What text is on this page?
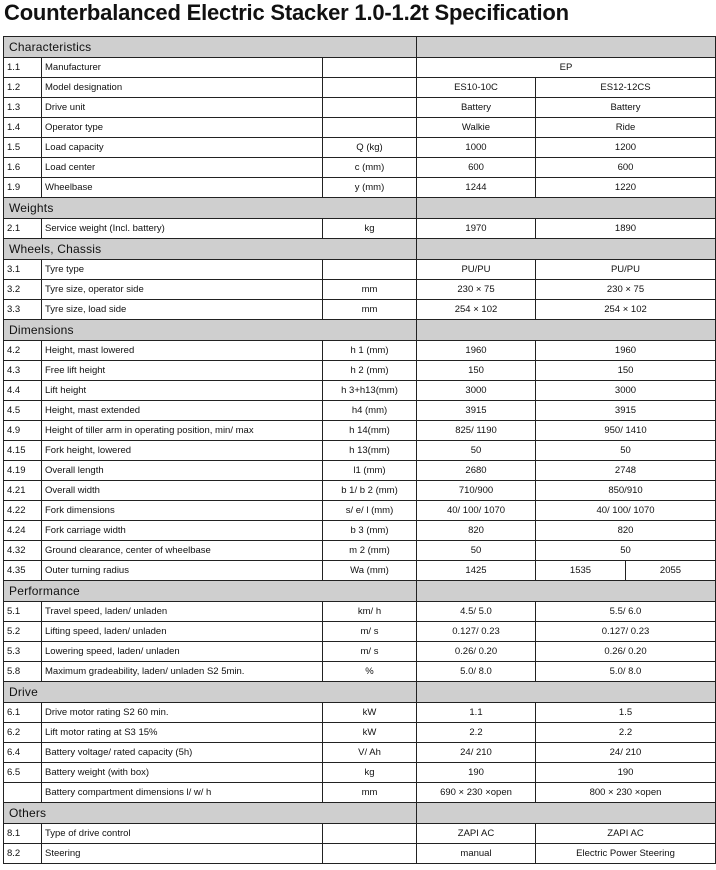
Counterbalanced Electric Stacker 1.0-1.2t Specification
Characteristics					
1.1	Manufacturer		EP		
1.2	Model designation		ES10-10C	ES12-12CS	
1.3	Drive unit		Battery	Battery	
1.4	Operator type		Walkie	Ride	
1.5	Load capacity	Q (kg)	1000	1200	
1.6	Load center	c (mm)	600	600	
1.9	Wheelbase	y (mm)	1244	1220	
Weights					
2.1	Service weight (Incl. battery)	kg	1970	1890	
Wheels, Chassis					
3.1	Tyre type		PU/PU	PU/PU	
3.2	Tyre size, operator side	mm	230 × 75	230 × 75	
3.3	Tyre size, load side	mm	254 × 102	254 × 102	
Dimensions					
4.2	Height, mast lowered	h 1 (mm)	1960	1960	
4.3	Free lift height	h 2 (mm)	150	150	
4.4	Lift height	h 3+h13(mm)	3000	3000	
4.5	Height, mast extended	h4 (mm)	3915	3915	
4.9	Height of tiller arm in operating position, min/ max	h 14(mm)	825/ 1190	950/ 1410	
4.15	Fork height, lowered	h 13(mm)	50	50	
4.19	Overall length	l1 (mm)	2680	2748	
4.21	Overall width	b 1/ b 2 (mm)	710/900	850/910	
4.22	Fork dimensions	s/ e/ l (mm)	40/ 100/ 1070	40/ 100/ 1070	
4.24	Fork carriage width	b 3 (mm)	820	820	
4.32	Ground clearance, center of wheelbase	m 2 (mm)	50	50	
4.35	Outer turning radius	Wa (mm)	1425	1535	2055
Performance					
5.1	Travel speed, laden/ unladen	km/ h	4.5/ 5.0	5.5/ 6.0	
5.2	Lifting speed, laden/ unladen	m/ s	0.127/ 0.23	0.127/ 0.23	
5.3	Lowering speed, laden/ unladen	m/ s	0.26/ 0.20	0.26/ 0.20	
5.8	Maximum gradeability, laden/ unladen S2 5min.	%	5.0/ 8.0	5.0/ 8.0	
Drive					
6.1	Drive motor rating S2 60 min.	kW	1.1	1.5	
6.2	Lift motor rating at S3 15%	kW	2.2	2.2	
6.4	Battery voltage/ rated capacity (5h)	V/ Ah	24/ 210	24/ 210	
6.5	Battery weight (with box)	kg	190	190	
	Battery compartment dimensions l/ w/ h	mm	690 × 230 ×open	800 × 230 ×open	
Others					
8.1	Type of drive control		ZAPI AC	ZAPI AC	
8.2	Steering		manual	Electric Power Steering	
